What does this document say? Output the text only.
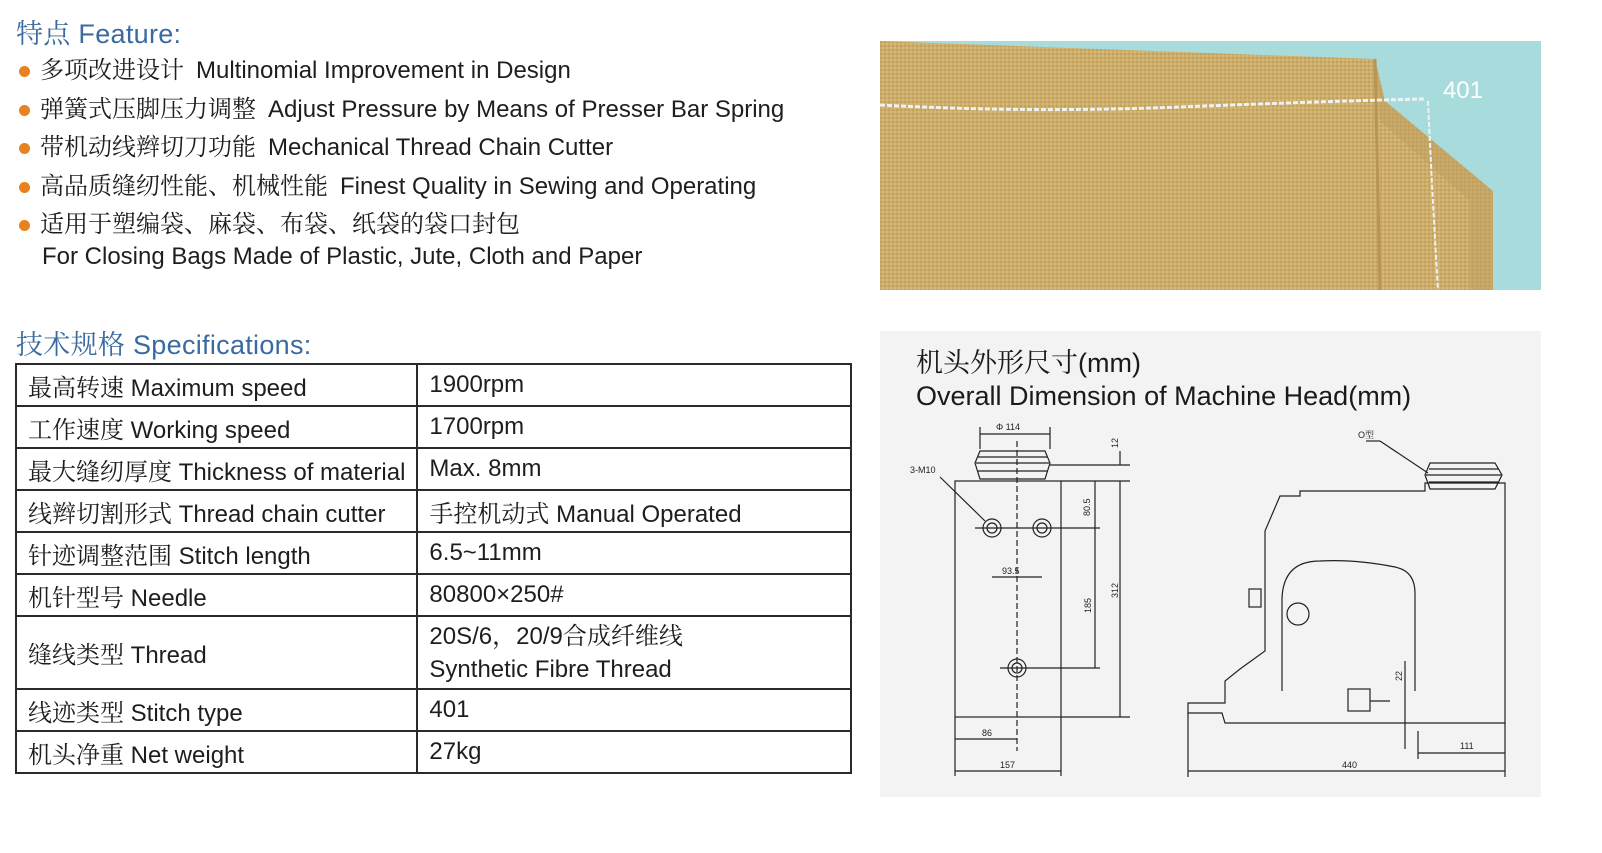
特点 Feature:
多项改进设计 Multinomial Improvement in Design
弹簧式压脚压力调整 Adjust Pressure by Means of Presser Bar Spring
带机动线辫切刀功能 Mechanical Thread Chain Cutter
高品质缝纫性能、机械性能 Finest Quality in Sewing and Operating
适用于塑编袋、麻袋、布袋、纸袋的袋口封包
For Closing Bags Made of Plastic, Jute, Cloth and Paper
技术规格 Specifications:
最高转速 Maximum speed	1900rpm
工作速度 Working speed	1700rpm
最大缝纫厚度 Thickness of material	Max. 8mm
线辫切割形式 Thread chain cutter	手控机动式 Manual Operated
针迹调整范围 Stitch length	6.5~11mm
机针型号 Needle	80800×250#
缝线类型 Thread	20S/6，20/9合成纤维线
Synthetic Fibre Thread

线迹类型 Stitch type	401
机头净重 Net weight	27kg
401
Φ 114
3-M10
93.5
86
157
O型
111
440
12
80.5
185
312
22
机头外形尺寸(mm)
Overall Dimension of Machine Head(mm)
